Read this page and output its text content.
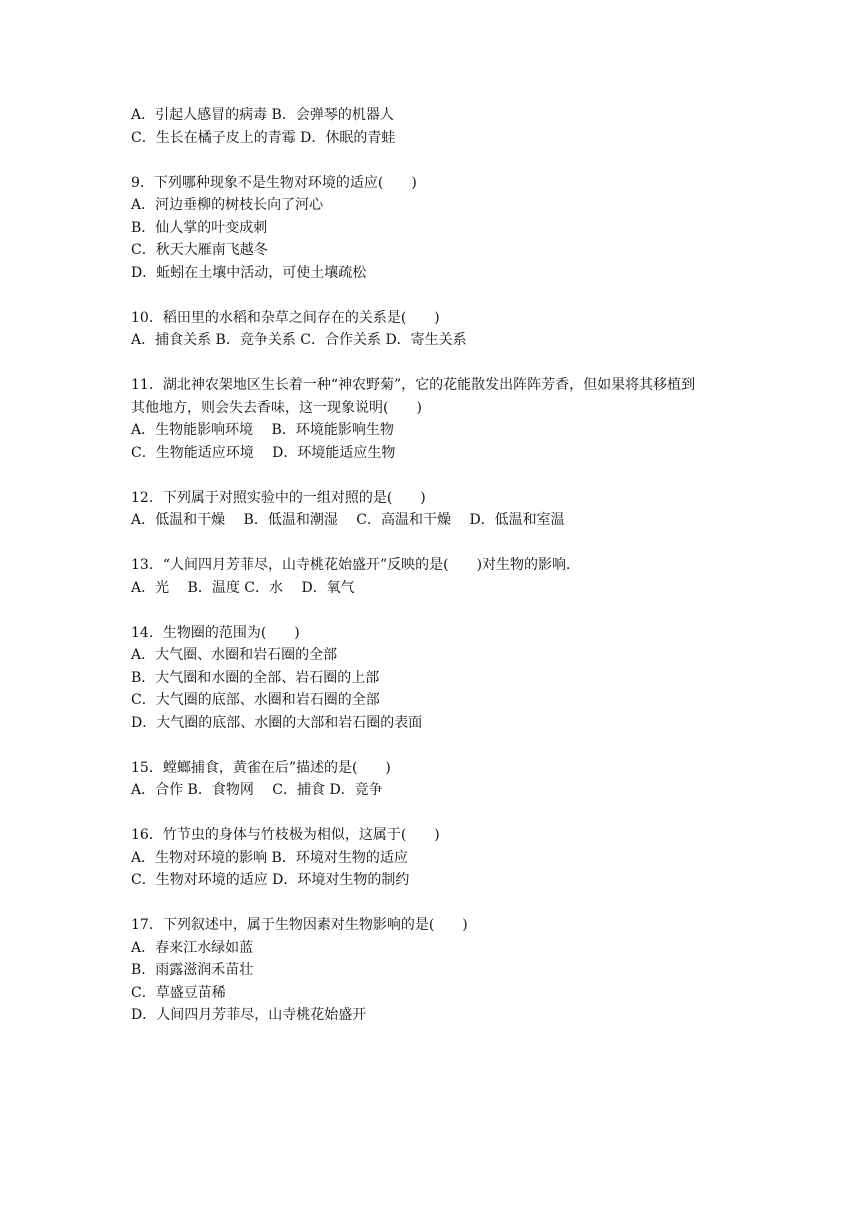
A．引起人感冒的病毒 B．会弹琴的机器人

C．生长在橘子皮上的青霉 D．休眠的青蛙

9．下列哪种现象不是生物对环境的适应(　　)

A．河边垂柳的树枝长向了河心

B．仙人掌的叶变成刺

C．秋天大雁南飞越冬

D．蚯蚓在土壤中活动，可使土壤疏松

10．稻田里的水稻和杂草之间存在的关系是(　　)

A．捕食关系 B．竞争关系 C．合作关系 D．寄生关系

11．湖北神农架地区生长着一种“神农野菊”，它的花能散发出阵阵芳香，但如果将其移植到

其他地方，则会失去香味，这一现象说明(　　)

A．生物能影响环境　 B．环境能影响生物

C．生物能适应环境　 D．环境能适应生物

12．下列属于对照实验中的一组对照的是(　　)

A．低温和干燥　 B．低温和潮湿　 C．高温和干燥　 D．低温和室温

13．“人间四月芳菲尽，山寺桃花始盛开”反映的是(　　)对生物的影响．

A．光　 B．温度 C．水　 D．氧气

14．生物圈的范围为(　　)

A．大气圈、水圈和岩石圈的全部

B．大气圈和水圈的全部、岩石圈的上部

C．大气圈的底部、水圈和岩石圈的全部

D．大气圈的底部、水圈的大部和岩石圈的表面

15．螳螂捕食，黄雀在后”描述的是(　　)

A．合作 B．食物网　 C．捕食 D．竞争

16．竹节虫的身体与竹枝极为相似，这属于(　　)

A．生物对环境的影响 B．环境对生物的适应

C．生物对环境的适应 D．环境对生物的制约

17．下列叙述中，属于生物因素对生物影响的是(　　)

A．春来江水绿如蓝

B．雨露滋润禾苗壮

C．草盛豆苗稀

D．人间四月芳菲尽，山寺桃花始盛开
